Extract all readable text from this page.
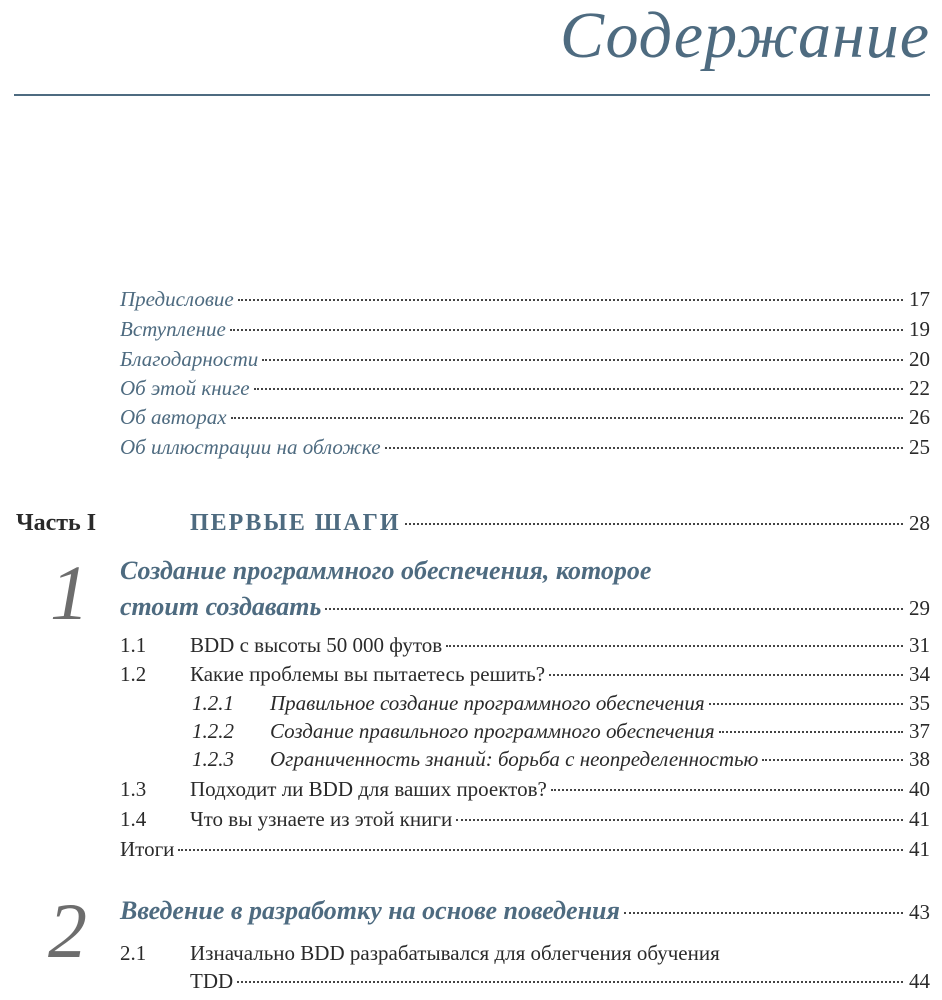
Содержание
Предисловие	17
Вступление	19
Благодарности	20
Об этой книге	22
Об авторах	26
Об иллюстрации на обложке	25
Часть I	ПЕРВЫЕ ШАГИ	28
1 Создание программного обеспечения, которое
стоит создавать	29
1.1	BDD с высоты 50 000 футов	31
1.2	Какие проблемы вы пытаетесь решить?	34
1.2.1	Правильное создание программного обеспечения	35
1.2.2	Создание правильного программного обеспечения	37
1.2.3	Ограниченность знаний: борьба с неопределенностью	38
1.3	Подходит ли BDD для ваших проектов?	40
1.4	Что вы узнаете из этой книги	41
Итоги	41
2 Введение в разработку на основе поведения	43
2.1 Изначально BDD разрабатывался для облегчения обучения
TDD	44
